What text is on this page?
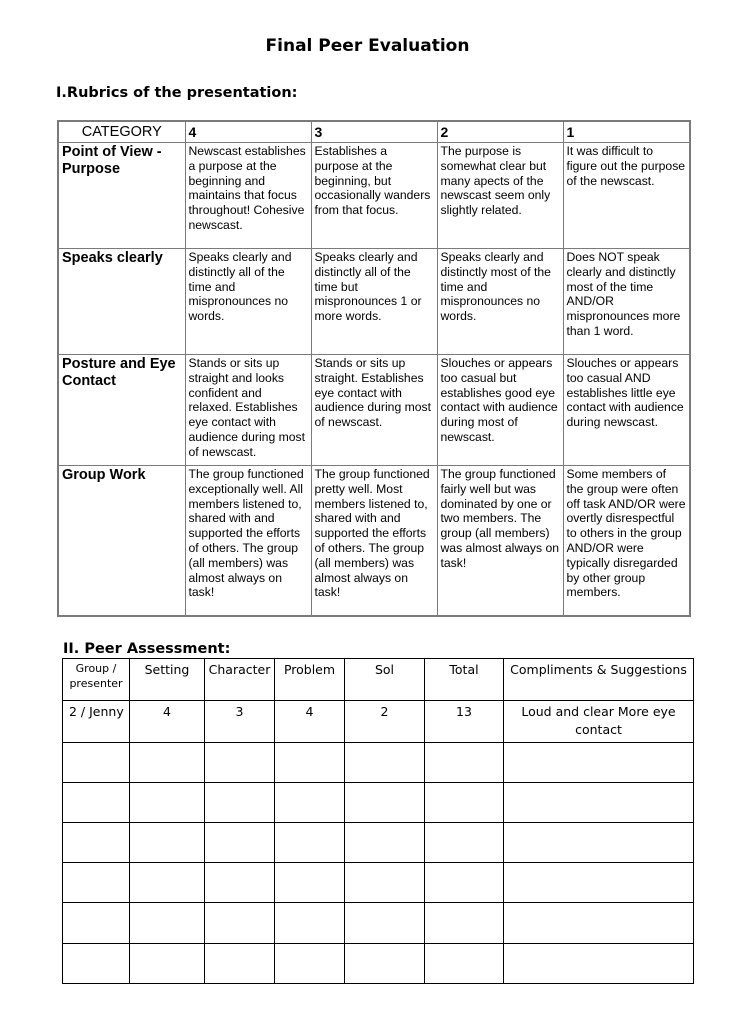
Final Peer Evaluation
I.Rubrics of the presentation:
CATEGORY	4	3	2	1
Point of View - Purpose	Newscast establishes a purpose at the beginning and maintains that focus throughout! Cohesive newscast.	Establishes a purpose at the beginning, but occasionally wanders from that focus.	The purpose is somewhat clear but many apects of the newscast seem only slightly related.	It was difficult to figure out the purpose of the newscast.
Speaks clearly	Speaks clearly and distinctly all of the time and mispronounces no words.	Speaks clearly and distinctly all of the time but mispronounces 1 or more words.	Speaks clearly and distinctly most of the time and mispronounces no words.	Does NOT speak clearly and distinctly most of the time AND/OR mispronounces more than 1 word.
Posture and Eye Contact	Stands or sits up straight and looks confident and relaxed. Establishes eye contact with audience during most of newscast.	Stands or sits up straight. Establishes eye contact with audience during most of newscast.	Slouches or appears too casual but establishes good eye contact with audience during most of newscast.	Slouches or appears too casual AND establishes little eye contact with audience during newscast.
Group Work	The group functioned exceptionally well. All members listened to, shared with and supported the efforts of others. The group (all members) was almost always on task!	The group functioned pretty well. Most members listened to, shared with and supported the efforts of others. The group (all members) was almost always on task!	The group functioned fairly well but was dominated by one or two members. The group (all members) was almost always on task!	Some members of the group were often off task AND/OR were overtly disrespectful to others in the group AND/OR were typically disregarded by other group members.
II. Peer Assessment:
Group / presenter	Setting	Character	Problem	Sol	Total	Compliments & Suggestions
2 / Jenny	4	3	4	2	13	Loud and clear More eye contact
